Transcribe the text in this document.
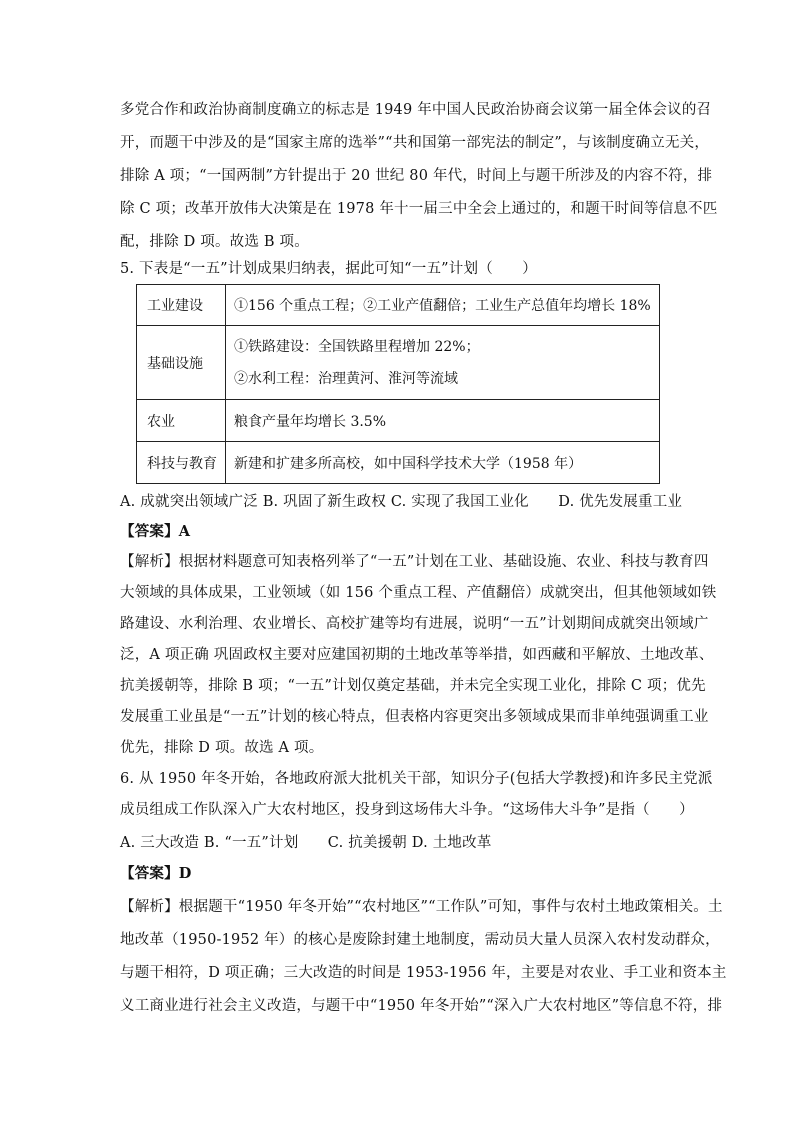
多党合作和政治协商制度确立的标志是 1949 年中国人民政治协商会议第一届全体会议的召
开，而题干中涉及的是“国家主席的选举”“共和国第一部宪法的制定”，与该制度确立无关，
排除 A 项；“一国两制”方针提出于 20 世纪 80 年代，时间上与题干所涉及的内容不符，排
除 C 项；改革开放伟大决策是在 1978 年十一届三中全会上通过的，和题干时间等信息不匹
配，排除 D 项。故选 B 项。
5. 下表是“一五”计划成果归纳表，据此可知“一五”计划（　　）
工业建设	①156 个重点工程；②工业产值翻倍；工业生产总值年均增长 18%
基础设施	①铁路建设：全国铁路里程增加 22%；
②水利工程：治理黄河、淮河等流域

农业	粮食产量年均增长 3.5%
科技与教育	新建和扩建多所高校，如中国科学技术大学（1958 年）
A. 成就突出领域广泛 B. 巩固了新生政权 C. 实现了我国工业化　　D. 优先发展重工业
【答案】A
【解析】根据材料题意可知表格列举了“一五”计划在工业、基础设施、农业、科技与教育四
大领域的具体成果，工业领域（如 156 个重点工程、产值翻倍）成就突出，但其他领域如铁
路建设、水利治理、农业增长、高校扩建等均有进展，说明“一五”计划期间成就突出领域广
泛，A 项正确 巩固政权主要对应建国初期的土地改革等举措，如西藏和平解放、土地改革、
抗美援朝等，排除 B 项；“一五”计划仅奠定基础，并未完全实现工业化，排除 C 项；优先
发展重工业虽是“一五”计划的核心特点，但表格内容更突出多领域成果而非单纯强调重工业
优先，排除 D 项。故选 A 项。
6. 从 1950 年冬开始，各地政府派大批机关干部，知识分子(包括大学教授)和许多民主党派
成员组成工作队深入广大农村地区，投身到这场伟大斗争。“这场伟大斗争”是指（　　）
A. 三大改造 B. “一五”计划　　C. 抗美援朝 D. 土地改革
【答案】D
【解析】根据题干“1950 年冬开始”“农村地区”“工作队”可知，事件与农村土地政策相关。土
地改革（1950-1952 年）的核心是废除封建土地制度，需动员大量人员深入农村发动群众，
与题干相符，D 项正确；三大改造的时间是 1953-1956 年，主要是对农业、手工业和资本主
义工商业进行社会主义改造，与题干中“1950 年冬开始”“深入广大农村地区”等信息不符，排
